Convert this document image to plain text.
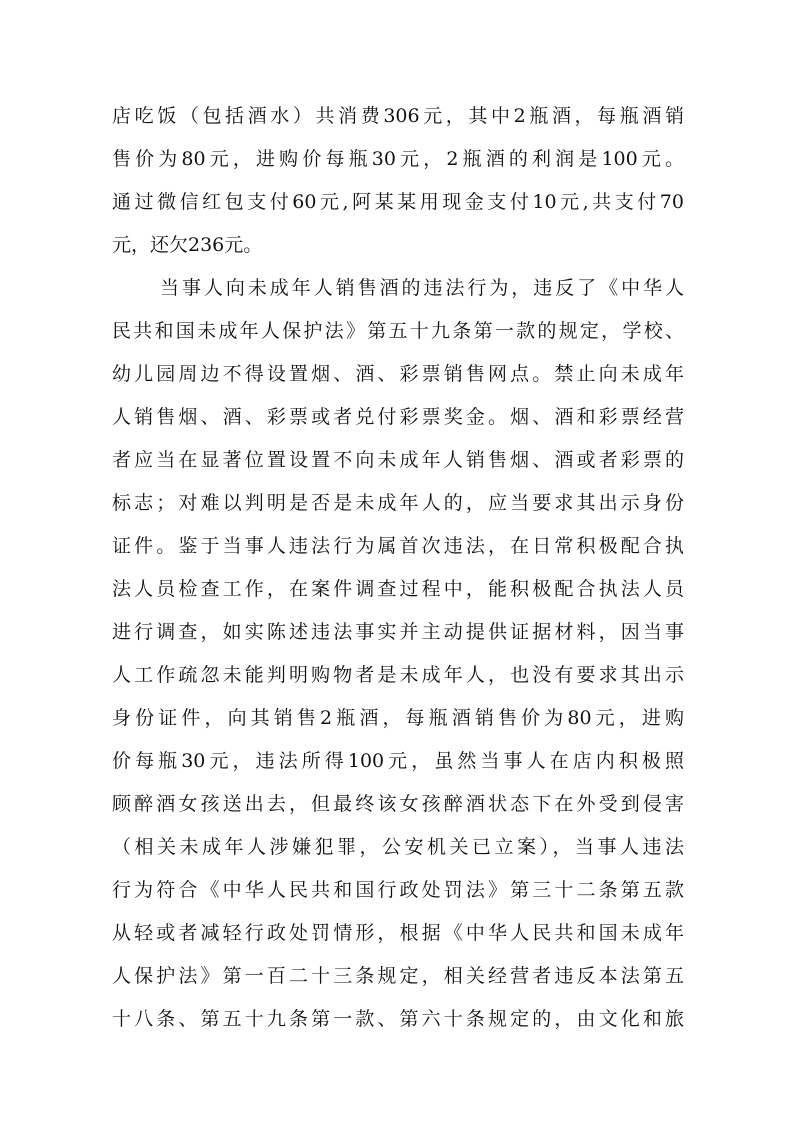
店吃饭（包括酒水）共消费306元，其中2瓶酒，每瓶酒销
售价为80元，进购价每瓶30元，2瓶酒的利润是100元。
通过微信红包支付60元,阿某某用现金支付10元,共支付70
元，还欠236元。
当事人向未成年人销售酒的违法行为，违反了《中华人
民共和国未成年人保护法》第五十九条第一款的规定，学校、
幼儿园周边不得设置烟、酒、彩票销售网点。禁止向未成年
人销售烟、酒、彩票或者兑付彩票奖金。烟、酒和彩票经营
者应当在显著位置设置不向未成年人销售烟、酒或者彩票的
标志；对难以判明是否是未成年人的，应当要求其出示身份
证件。鉴于当事人违法行为属首次违法，在日常积极配合执
法人员检查工作，在案件调查过程中，能积极配合执法人员
进行调查，如实陈述违法事实并主动提供证据材料，因当事
人工作疏忽未能判明购物者是未成年人，也没有要求其出示
身份证件，向其销售2瓶酒，每瓶酒销售价为80元，进购
价每瓶30元，违法所得100元，虽然当事人在店内积极照
顾醉酒女孩送出去，但最终该女孩醉酒状态下在外受到侵害
（相关未成年人涉嫌犯罪，公安机关已立案），当事人违法
行为符合《中华人民共和国行政处罚法》第三十二条第五款
从轻或者减轻行政处罚情形，根据《中华人民共和国未成年
人保护法》第一百二十三条规定，相关经营者违反本法第五
十八条、第五十九条第一款、第六十条规定的，由文化和旅
